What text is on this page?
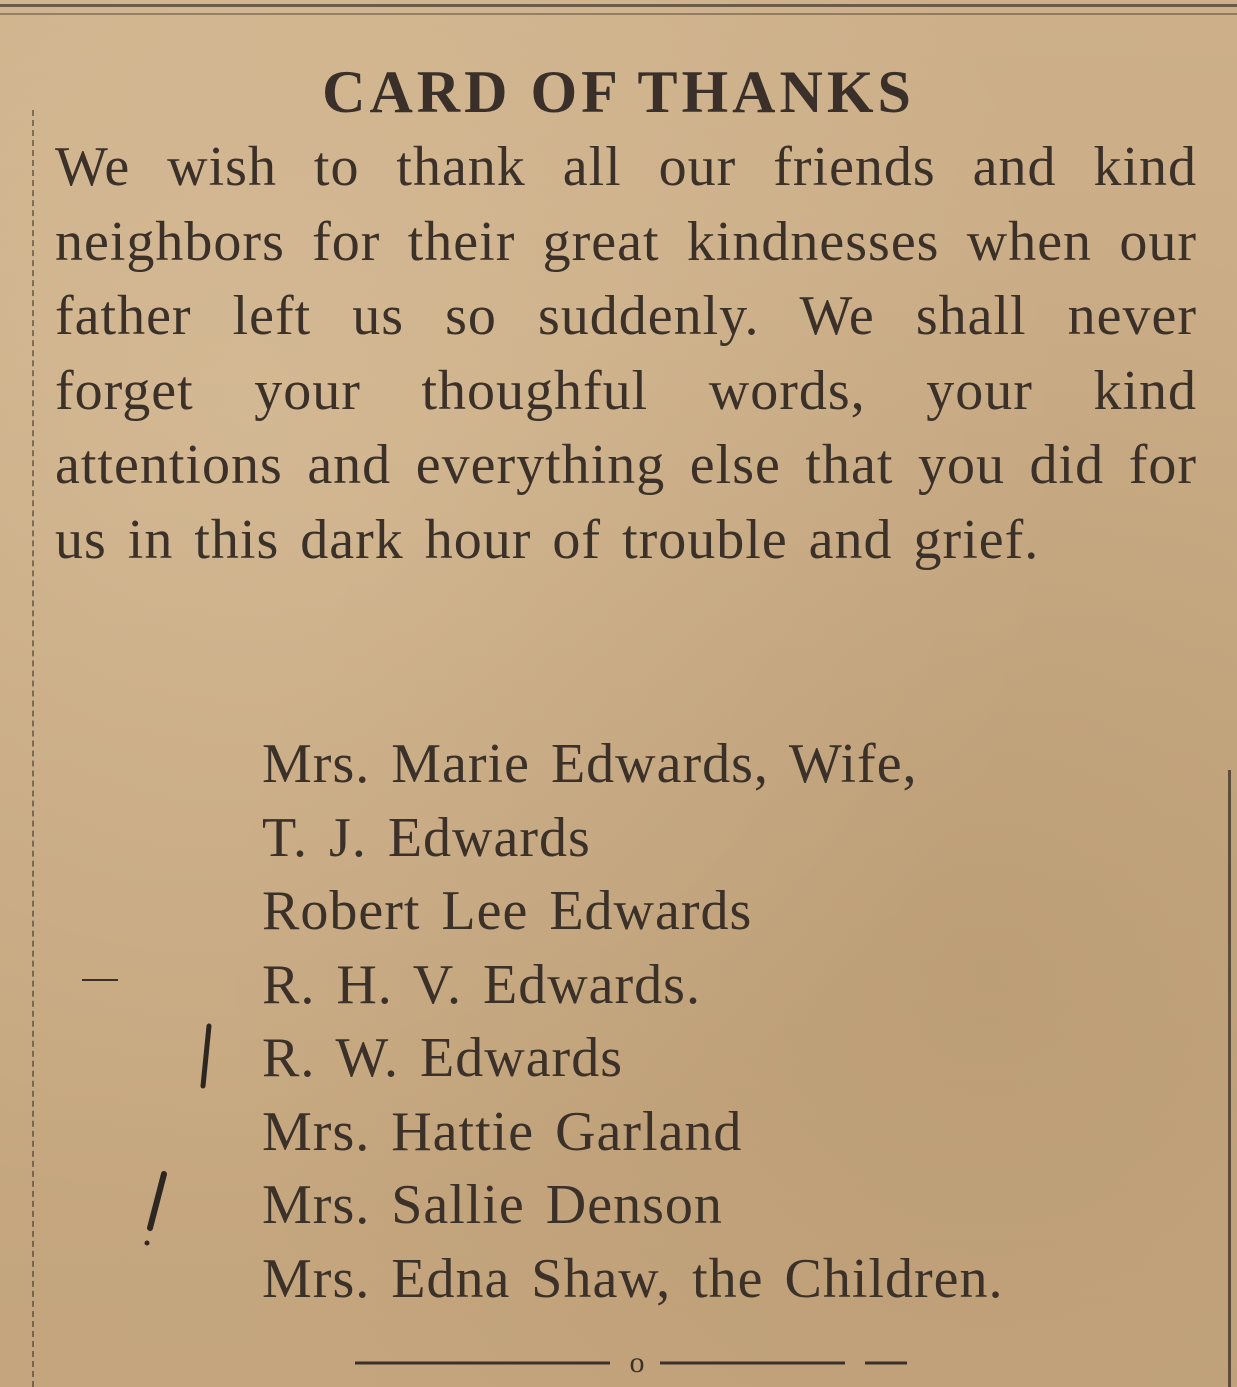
CARD OF THANKS

We wish to thank all our friends and kind neighbors for their great kindnesses when our father left us so suddenly. We shall never forget your thoughful words, your kind attentions and everything else that you did for us in this dark hour of trouble and grief.

Mrs. Marie Edwards, Wife,
T. J. Edwards
Robert Lee Edwards
R. H. V. Edwards.
R. W. Edwards
Mrs. Hattie Garland
Mrs. Sallie Denson
Mrs. Edna Shaw, the Children.
o
